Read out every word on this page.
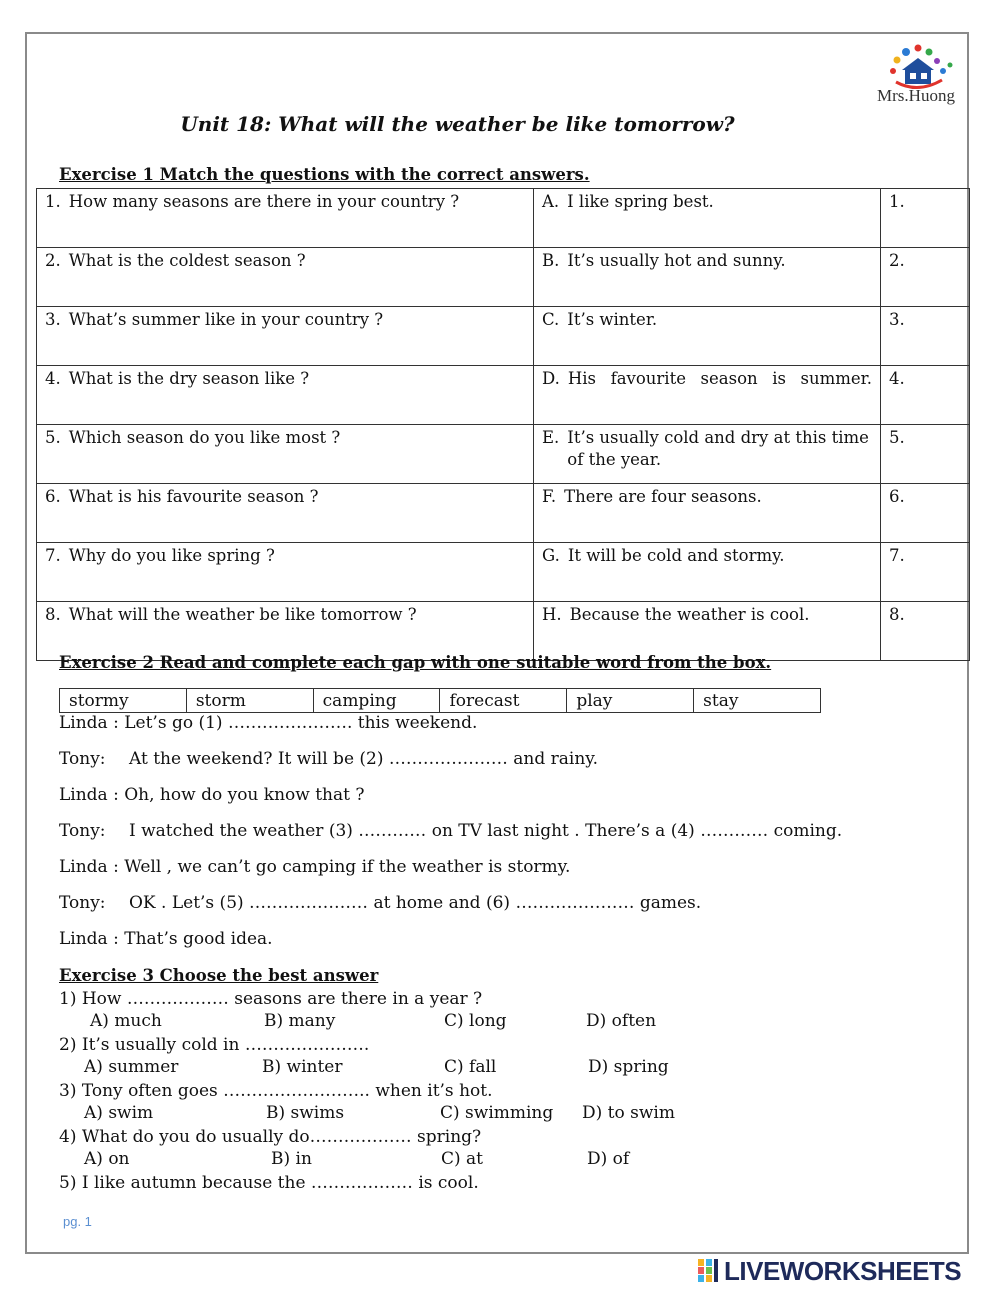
Mrs.Huong
Unit 18: What will the weather be like tomorrow?
Exercise 1 Match the questions with the correct answers.
1. How many seasons are there in your country ?	A. I like spring best.	1.

2. What is the coldest season ?	B. It’s usually hot and sunny.	2.

3. What’s summer like in your country ?	C. It’s winter.	3.

4. What is the dry season like ?	D. His favourite season is summer.	4.

5. Which season do you like most ?	E. It’s usually cold and dry at this time of the year.	5.

6. What is his favourite season ?	F. There are four seasons.	6.

7. Why do you like spring ?	G. It will be cold and stormy.	7.

8. What will the weather be like tomorrow ?	H. Because the weather is cool.	8.
Exercise 2 Read and complete each gap with one suitable word from the box.
stormy	storm	camping	forecast	play	stay
Linda : Let’s go (1) …………………. this weekend.
Tony: At the weekend? It will be (2) ………………… and rainy.
Linda : Oh, how do you know that ?
Tony: I watched the weather (3) ………… on TV last night . There’s a (4) ………… coming.
Linda : Well , we can’t go camping if the weather is stormy.
Tony: OK . Let’s (5) ………………… at home and (6) ………………… games.
Linda : That’s good idea.
Exercise 3 Choose the best answer
1) How ……………… seasons are there in a year ?
A) much	B) many	C) long	D) often
2) It’s usually cold in ………………….
A) summer	B) winter	C) fall	D) spring
3) Tony often goes …………………….. when it’s hot.
A) swim	B) swims	C) swimming D) to swim
4) What do you do usually do……………… spring?
A) on	B) in	C) at	D) of
5) I like autumn because the ……………… is cool.
pg. 1
LIVEWORKSHEETS
